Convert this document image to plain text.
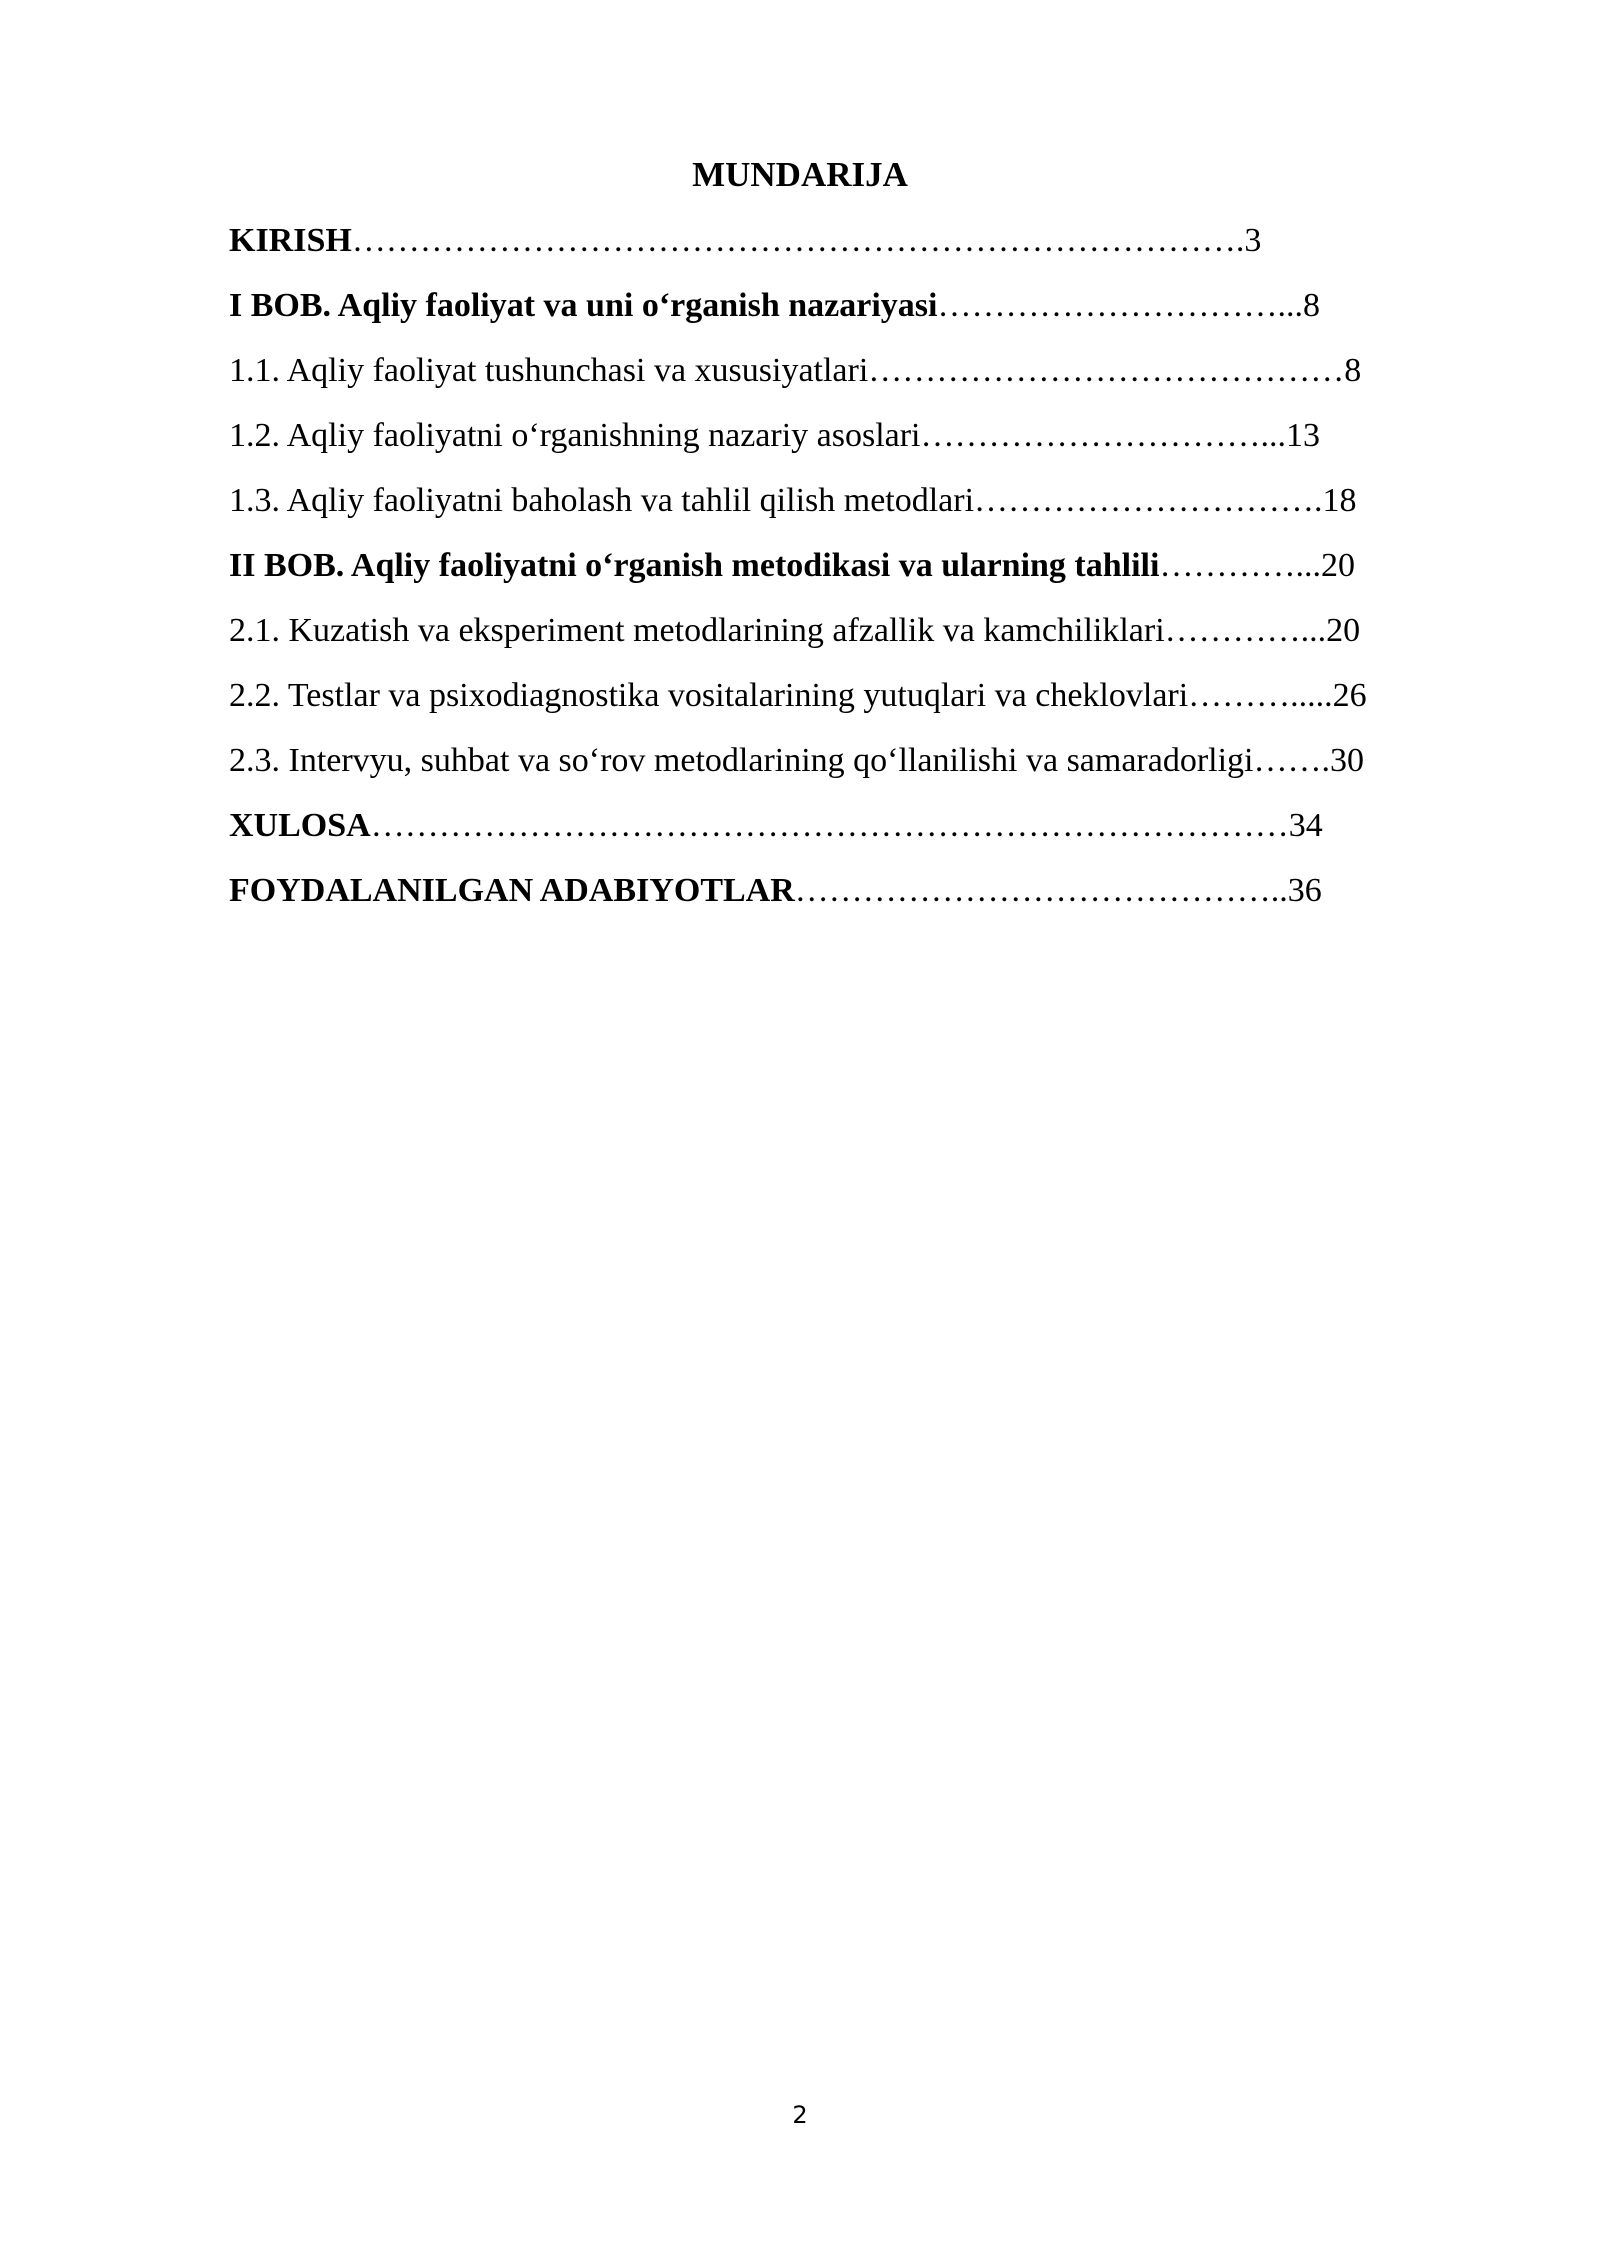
MUNDARIJA
KIRISH…………………………………………………………………….3
I BOB. Aqliy faoliyat va uni o‘rganish nazariyasi…………………………...8
1.1. Aqliy faoliyat tushunchasi va xususiyatlari……………………………………8
1.2. Aqliy faoliyatni o‘rganishning nazariy asoslari…………………………...13
1.3. Aqliy faoliyatni baholash va tahlil qilish metodlari………………………….18
II BOB. Aqliy faoliyatni o‘rganish metodikasi va ularning tahlili…………...20
2.1. Kuzatish va eksperiment metodlarining afzallik va kamchiliklari…………...20
2.2. Testlar va psixodiagnostika vositalarining yutuqlari va cheklovlari……….....26
2.3. Intervyu, suhbat va so‘rov metodlarining qo‘llanilishi va samaradorligi…….30
XULOSA………………………………………………………………………34
FOYDALANILGAN ADABIYOTLAR……………………………………..36
2
